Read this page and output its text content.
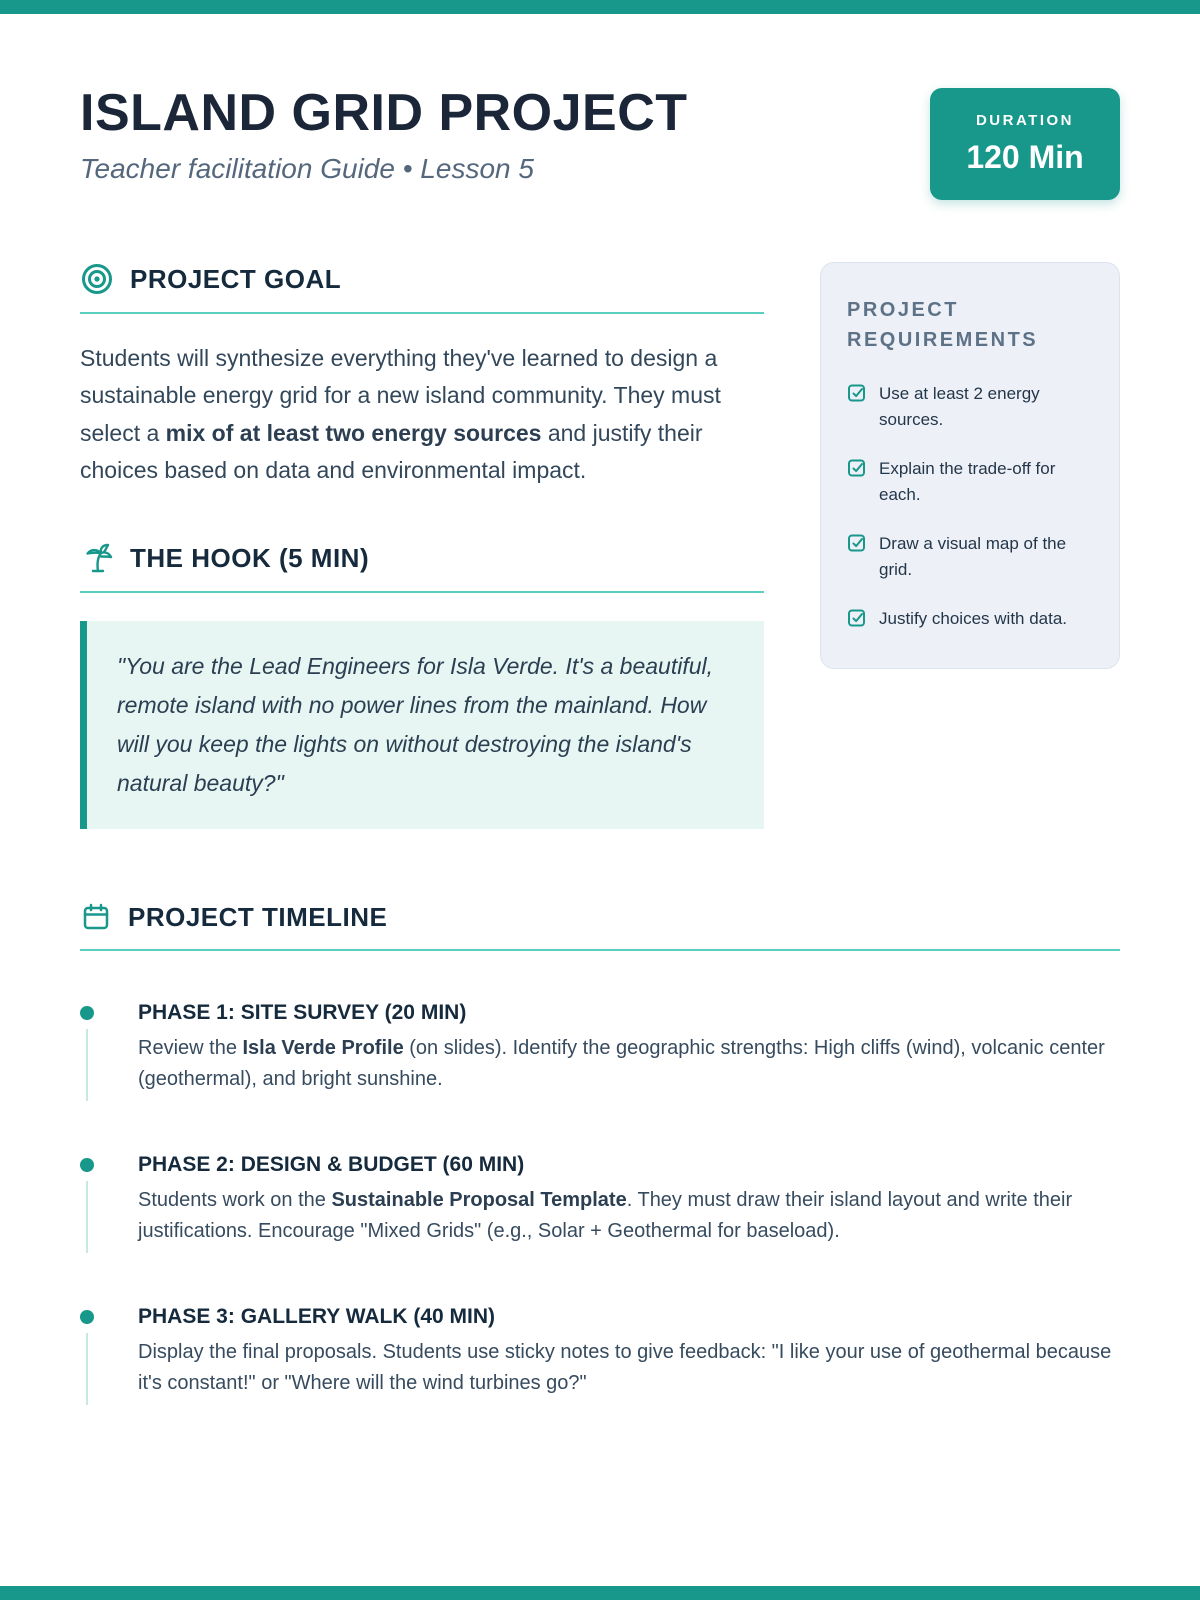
ISLAND GRID PROJECT

Teacher facilitation Guide • Lesson 5

DURATION
120 Min
PROJECT GOAL

Students will synthesize everything they've learned to design a sustainable energy grid for a new island community. They must select a mix of at least two energy sources and justify their choices based on data and environmental impact.

THE HOOK (5 MIN)
"You are the Lead Engineers for Isla Verde. It's a beautiful, remote island with no power lines from the mainland. How will you keep the lights on without destroying the island's natural beauty?"
PROJECT REQUIREMENTS
Use at least 2 energy sources.
Explain the trade-off for each.
Draw a visual map of the grid.
Justify choices with data.
PROJECT TIMELINE
PHASE 1: SITE SURVEY (20 MIN)

Review the Isla Verde Profile (on slides). Identify the geographic strengths: High cliffs (wind), volcanic center (geothermal), and bright sunshine.

PHASE 2: DESIGN & BUDGET (60 MIN)

Students work on the Sustainable Proposal Template. They must draw their island layout and write their justifications. Encourage "Mixed Grids" (e.g., Solar + Geothermal for baseload).

PHASE 3: GALLERY WALK (40 MIN)

Display the final proposals. Students use sticky notes to give feedback: "I like your use of geothermal because it's constant!" or "Where will the wind turbines go?"
